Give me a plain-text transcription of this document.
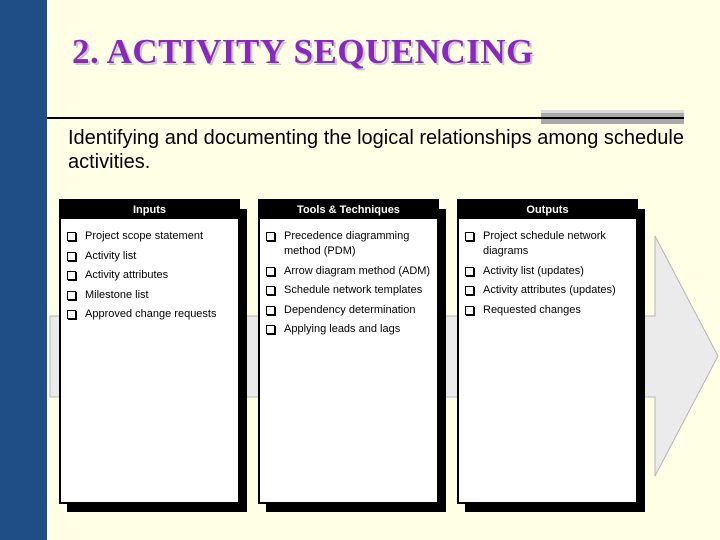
2. ACTIVITY SEQUENCING

Identifying and documenting the logical relationships among schedule activities.

Inputs
Project scope statement
Activity list
Activity attributes
Milestone list
Approved change requests
Tools & Techniques
Precedence diagramming method (PDM)
Arrow diagram method (ADM)
Schedule network templates
Dependency determination
Applying leads and lags
Outputs
Project schedule network diagrams
Activity list (updates)
Activity attributes (updates)
Requested changes
